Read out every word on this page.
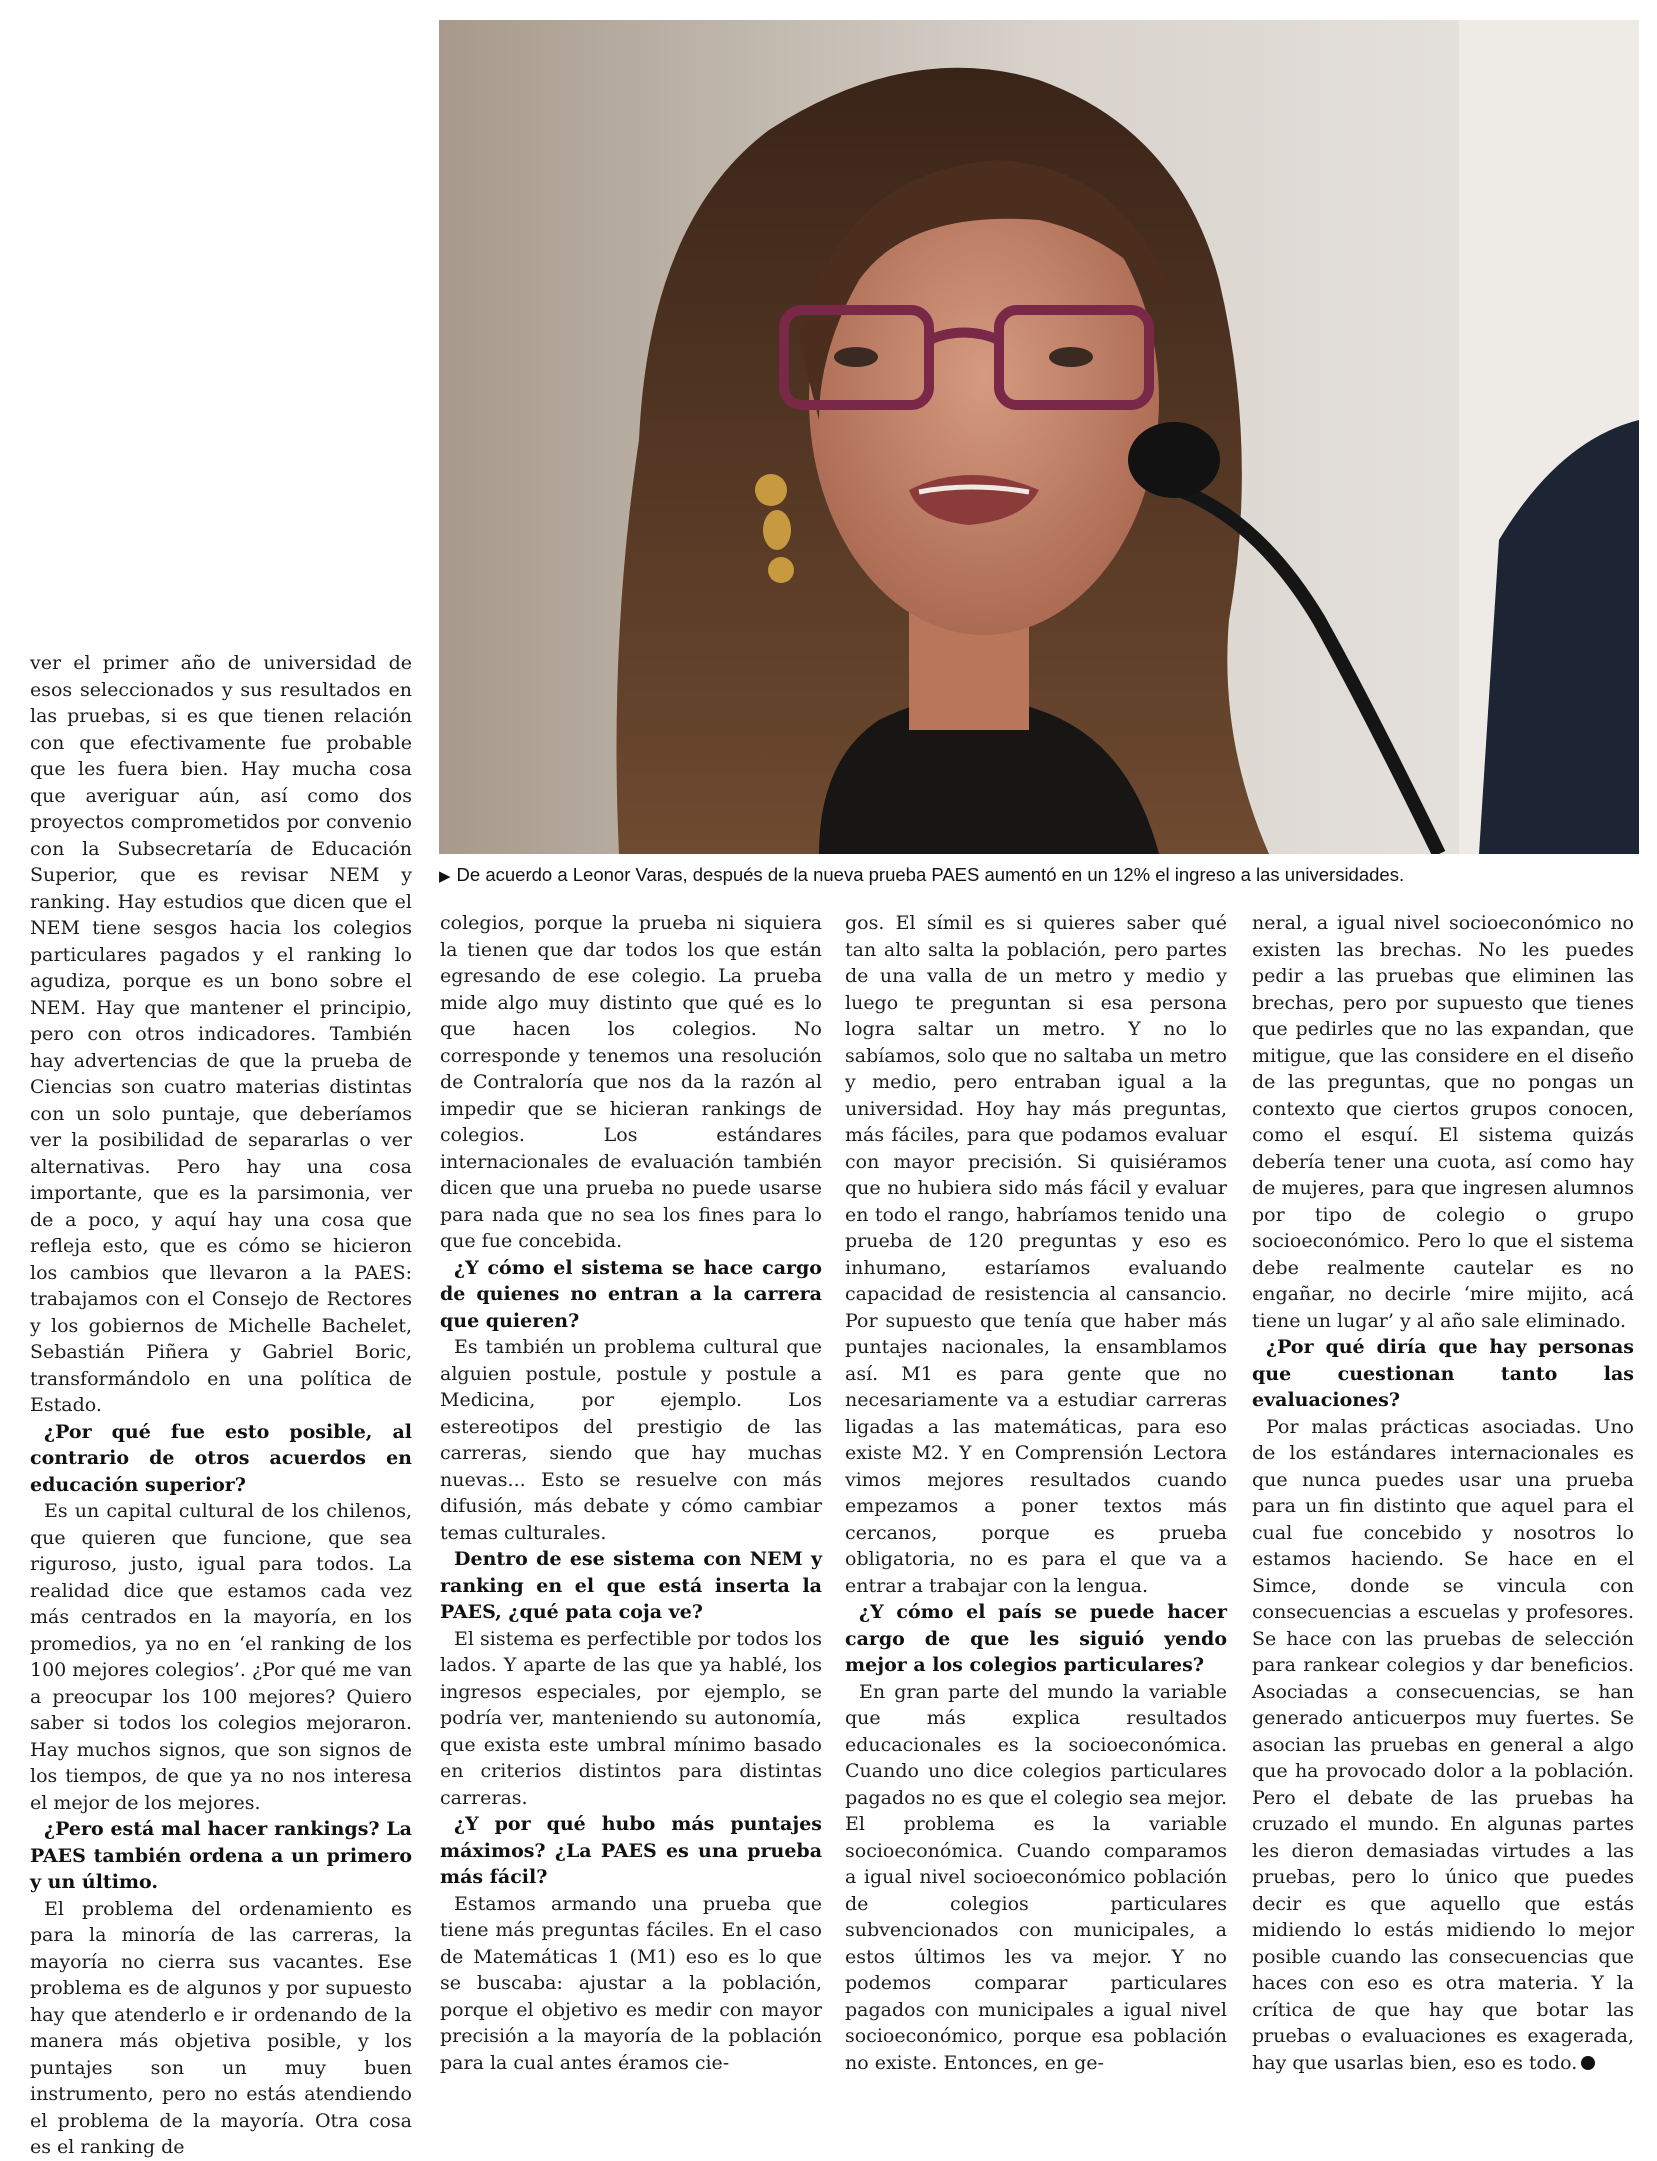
▶ De acuerdo a Leonor Varas, después de la nueva prueba PAES aumentó en un 12% el ingreso a las universidades.

ver el primer año de universidad de esos seleccionados y sus resultados en las pruebas, si es que tienen relación con que efectivamente fue probable que les fuera bien. Hay mucha cosa que averiguar aún, así como dos proyectos comprometidos por convenio con la Subsecretaría de Educación Superior, que es revisar NEM y ranking. Hay estudios que dicen que el NEM tiene sesgos hacia los colegios particulares pagados y el ranking lo agudiza, porque es un bono sobre el NEM. Hay que mantener el principio, pero con otros indicadores. También hay advertencias de que la prueba de Ciencias son cuatro materias distintas con un solo puntaje, que deberíamos ver la posibilidad de separarlas o ver alternativas. Pero hay una cosa importante, que es la parsimonia, ver de a poco, y aquí hay una cosa que refleja esto, que es cómo se hicieron los cambios que llevaron a la PAES: trabajamos con el Consejo de Rectores y los gobiernos de Michelle Bachelet, Sebastián Piñera y Gabriel Boric, transformándolo en una política de Estado.

¿Por qué fue esto posible, al contrario de otros acuerdos en educación superior?

Es un capital cultural de los chilenos, que quieren que funcione, que sea riguroso, justo, igual para todos. La realidad dice que estamos cada vez más centrados en la mayoría, en los promedios, ya no en ‘el ranking de los 100 mejores colegios’. ¿Por qué me van a preocupar los 100 mejores? Quiero saber si todos los colegios mejoraron. Hay muchos signos, que son signos de los tiempos, de que ya no nos interesa el mejor de los mejores.

¿Pero está mal hacer rankings? La PAES también ordena a un primero y un último.

El problema del ordenamiento es para la minoría de las carreras, la mayoría no cierra sus vacantes. Ese problema es de algunos y por supuesto hay que atenderlo e ir ordenando de la manera más objetiva posible, y los puntajes son un muy buen instrumento, pero no estás atendiendo el problema de la mayoría. Otra cosa es el ranking de

colegios, porque la prueba ni siquiera la tienen que dar todos los que están egresando de ese colegio. La prueba mide algo muy distinto que qué es lo que hacen los colegios. No corresponde y tenemos una resolución de Contraloría que nos da la razón al impedir que se hicieran rankings de colegios. Los estándares internacionales de evaluación también dicen que una prueba no puede usarse para nada que no sea los fines para lo que fue concebida.

¿Y cómo el sistema se hace cargo de quienes no entran a la carrera que quieren?

Es también un problema cultural que alguien postule, postule y postule a Medicina, por ejemplo. Los estereotipos del prestigio de las carreras, siendo que hay muchas nuevas... Esto se resuelve con más difusión, más debate y cómo cambiar temas culturales.

Dentro de ese sistema con NEM y ranking en el que está inserta la PAES, ¿qué pata coja ve?

El sistema es perfectible por todos los lados. Y aparte de las que ya hablé, los ingresos especiales, por ejemplo, se podría ver, manteniendo su autonomía, que exista este umbral mínimo basado en criterios distintos para distintas carreras.

¿Y por qué hubo más puntajes máximos? ¿La PAES es una prueba más fácil?

Estamos armando una prueba que tiene más preguntas fáciles. En el caso de Matemáticas 1 (M1) eso es lo que se buscaba: ajustar a la población, porque el objetivo es medir con mayor precisión a la mayoría de la población para la cual antes éramos cie-

gos. El símil es si quieres saber qué tan alto salta la población, pero partes de una valla de un metro y medio y luego te preguntan si esa persona logra saltar un metro. Y no lo sabíamos, solo que no saltaba un metro y medio, pero entraban igual a la universidad. Hoy hay más preguntas, más fáciles, para que podamos evaluar con mayor precisión. Si quisiéramos que no hubiera sido más fácil y evaluar en todo el rango, habríamos tenido una prueba de 120 preguntas y eso es inhumano, estaríamos evaluando capacidad de resistencia al cansancio. Por supuesto que tenía que haber más puntajes nacionales, la ensamblamos así. M1 es para gente que no necesariamente va a estudiar carreras ligadas a las matemáticas, para eso existe M2. Y en Comprensión Lectora vimos mejores resultados cuando empezamos a poner textos más cercanos, porque es prueba obligatoria, no es para el que va a entrar a trabajar con la lengua.

¿Y cómo el país se puede hacer cargo de que les siguió yendo mejor a los colegios particulares?

En gran parte del mundo la variable que más explica resultados educacionales es la socioeconómica. Cuando uno dice colegios particulares pagados no es que el colegio sea mejor. El problema es la variable socioeconómica. Cuando comparamos a igual nivel socioeconómico población de colegios particulares subvencionados con municipales, a estos últimos les va mejor. Y no podemos comparar particulares pagados con municipales a igual nivel socioeconómico, porque esa población no existe. Entonces, en ge-

neral, a igual nivel socioeconómico no existen las brechas. No les puedes pedir a las pruebas que eliminen las brechas, pero por supuesto que tienes que pedirles que no las expandan, que mitigue, que las considere en el diseño de las preguntas, que no pongas un contexto que ciertos grupos conocen, como el esquí. El sistema quizás debería tener una cuota, así como hay de mujeres, para que ingresen alumnos por tipo de colegio o grupo socioeconómico. Pero lo que el sistema debe realmente cautelar es no engañar, no decirle ‘mire mijito, acá tiene un lugar’ y al año sale eliminado.

¿Por qué diría que hay personas que cuestionan tanto las evaluaciones?

Por malas prácticas asociadas. Uno de los estándares internacionales es que nunca puedes usar una prueba para un fin distinto que aquel para el cual fue concebido y nosotros lo estamos haciendo. Se hace en el Simce, donde se vincula con consecuencias a escuelas y profesores. Se hace con las pruebas de selección para rankear colegios y dar beneficios. Asociadas a consecuencias, se han generado anticuerpos muy fuertes. Se asocian las pruebas en general a algo que ha provocado dolor a la población. Pero el debate de las pruebas ha cruzado el mundo. En algunas partes les dieron demasiadas virtudes a las pruebas, pero lo único que puedes decir es que aquello que estás midiendo lo estás midiendo lo mejor posible cuando las consecuencias que haces con eso es otra materia. Y la crítica de que hay que botar las pruebas o evaluaciones es exagerada, hay que usarlas bien, eso es todo.
